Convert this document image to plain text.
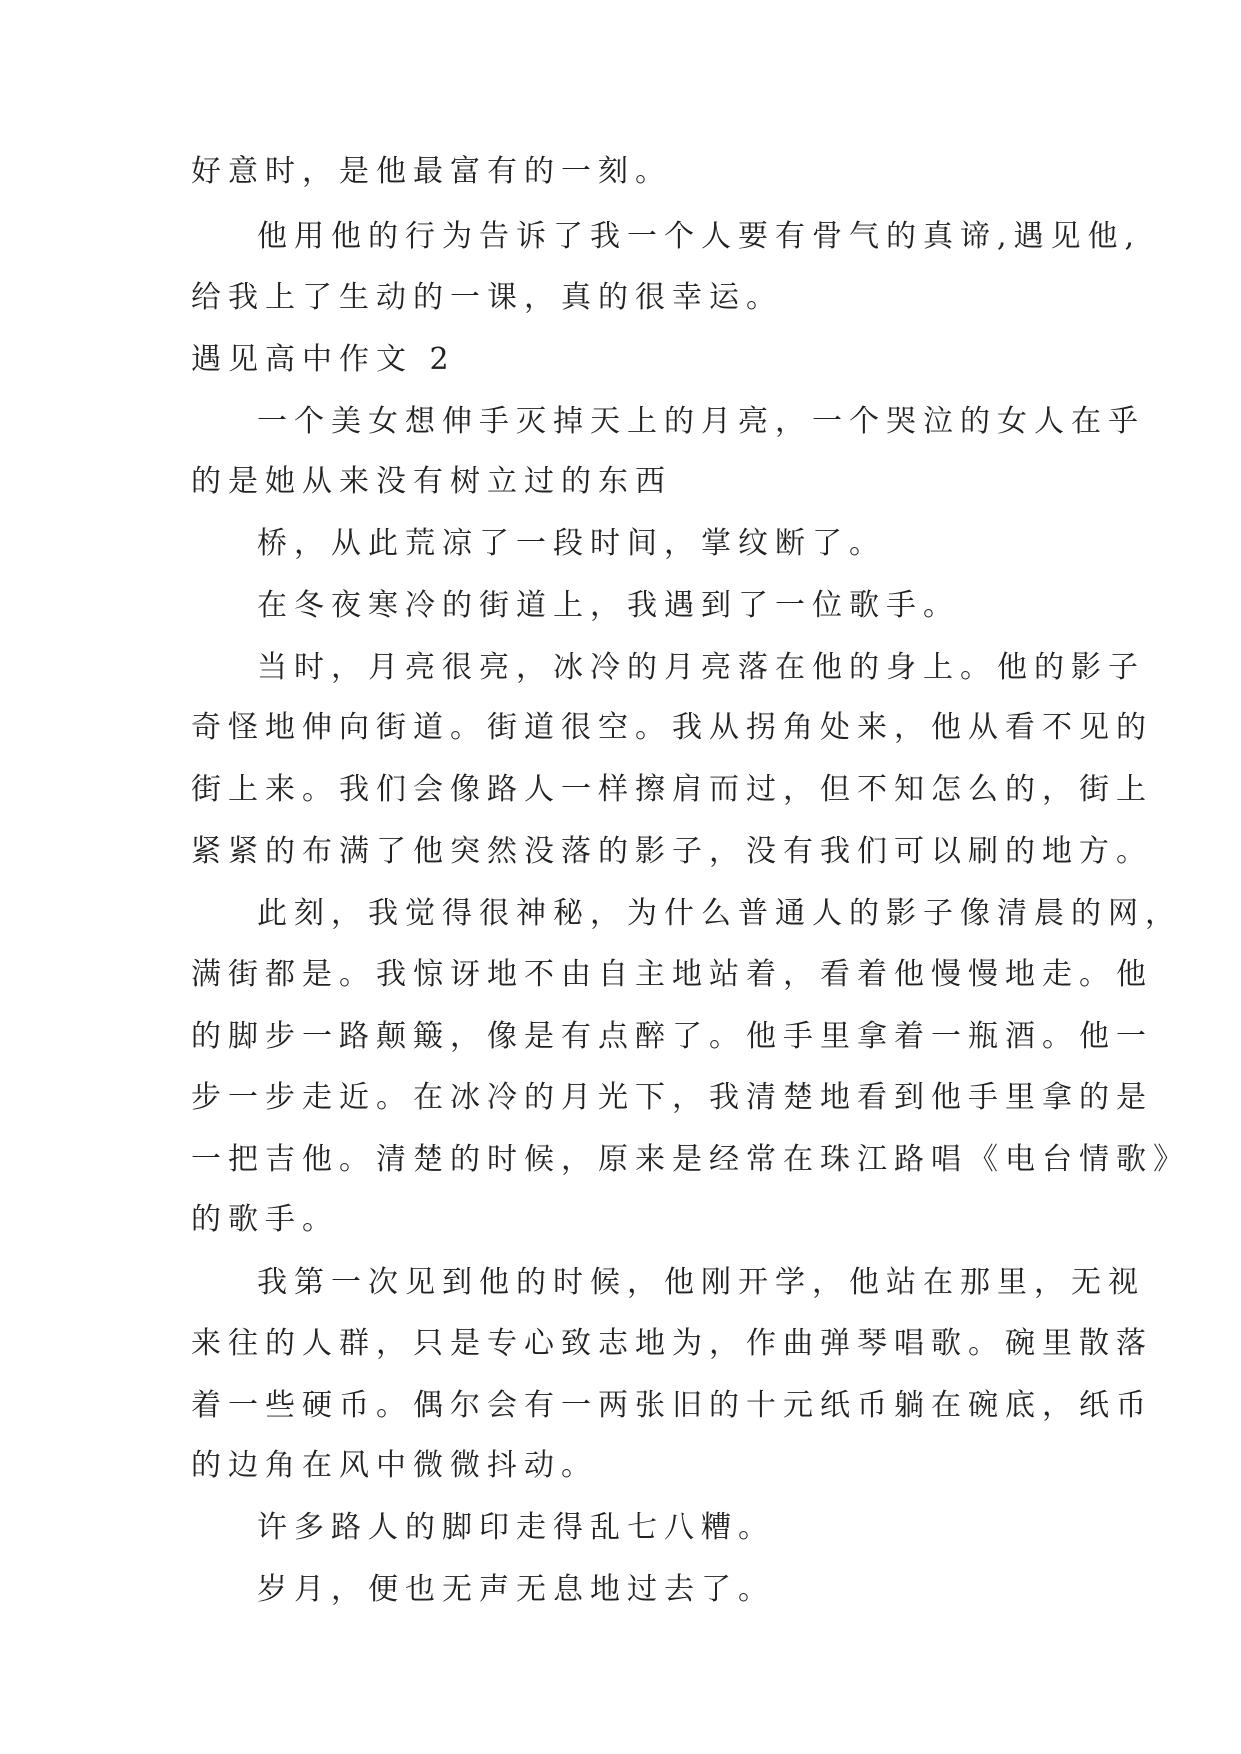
好意时，是他最富有的一刻。
他用他的行为告诉了我一个人要有骨气的真谛,遇见他,
给我上了生动的一课，真的很幸运。
遇见高中作文 2
一个美女想伸手灭掉天上的月亮，一个哭泣的女人在乎
的是她从来没有树立过的东西
桥，从此荒凉了一段时间，掌纹断了。
在冬夜寒冷的街道上，我遇到了一位歌手。
当时，月亮很亮，冰冷的月亮落在他的身上。他的影子
奇怪地伸向街道。街道很空。我从拐角处来，他从看不见的
街上来。我们会像路人一样擦肩而过，但不知怎么的，街上
紧紧的布满了他突然没落的影子，没有我们可以刷的地方。
此刻，我觉得很神秘，为什么普通人的影子像清晨的网，
满街都是。我惊讶地不由自主地站着，看着他慢慢地走。他
的脚步一路颠簸，像是有点醉了。他手里拿着一瓶酒。他一
步一步走近。在冰冷的月光下，我清楚地看到他手里拿的是
一把吉他。清楚的时候，原来是经常在珠江路唱《电台情歌》
的歌手。
我第一次见到他的时候，他刚开学，他站在那里，无视
来往的人群，只是专心致志地为，作曲弹琴唱歌。碗里散落
着一些硬币。偶尔会有一两张旧的十元纸币躺在碗底，纸币
的边角在风中微微抖动。
许多路人的脚印走得乱七八糟。
岁月，便也无声无息地过去了。
